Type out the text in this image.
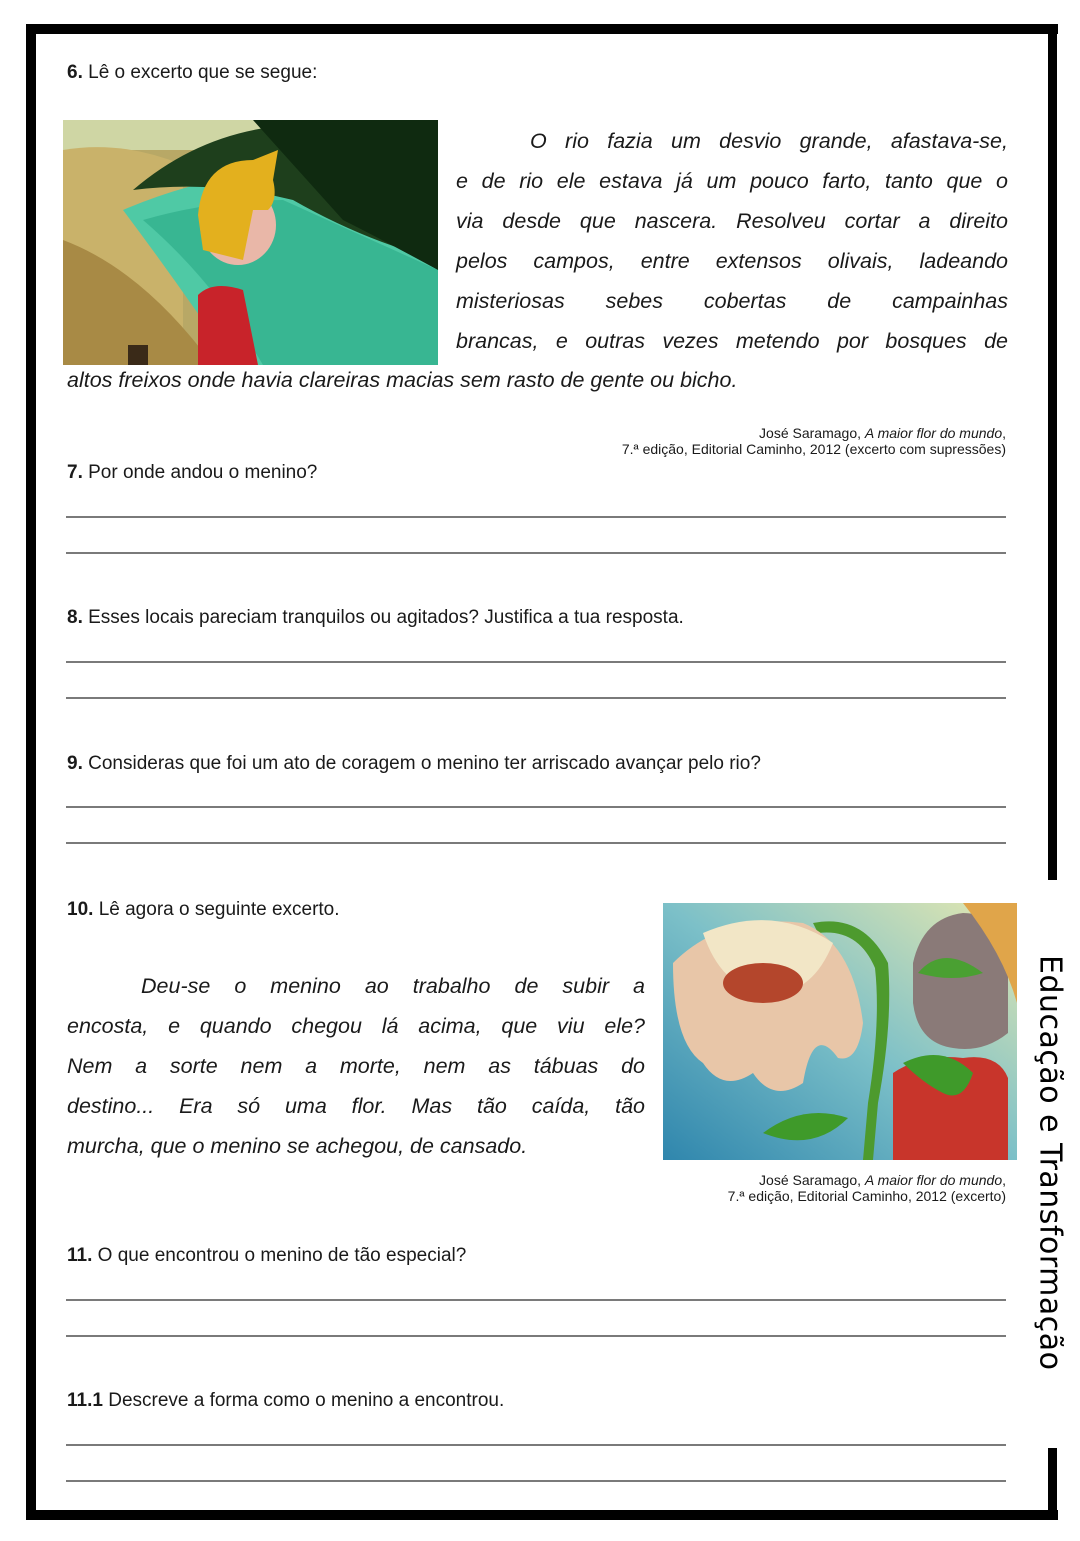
Educação e Transformação
6. Lê o excerto que se segue:
O rio fazia um desvio grande, afastava-se,
e de rio ele estava já um pouco farto, tanto que o
via desde que nascera. Resolveu cortar a direito
pelos campos, entre extensos olivais, ladeando
misteriosas sebes cobertas de campainhas
brancas, e outras vezes metendo por bosques de
altos freixos onde havia clareiras macias sem rasto de gente ou bicho.
José Saramago, A maior flor do mundo,
7.ª edição, Editorial Caminho, 2012 (excerto com supressões)
7. Por onde andou o menino?
8. Esses locais pareciam tranquilos ou agitados? Justifica a tua resposta.
9. Consideras que foi um ato de coragem o menino ter arriscado avançar pelo rio?
10. Lê agora o seguinte excerto.
Deu-se o menino ao trabalho de subir a
encosta, e quando chegou lá acima, que viu ele?
Nem a sorte nem a morte, nem as tábuas do
destino... Era só uma flor. Mas tão caída, tão
murcha, que o menino se achegou, de cansado.
José Saramago, A maior flor do mundo,
7.ª edição, Editorial Caminho, 2012 (excerto)
11. O que encontrou o menino de tão especial?
11.1 Descreve a forma como o menino a encontrou.
